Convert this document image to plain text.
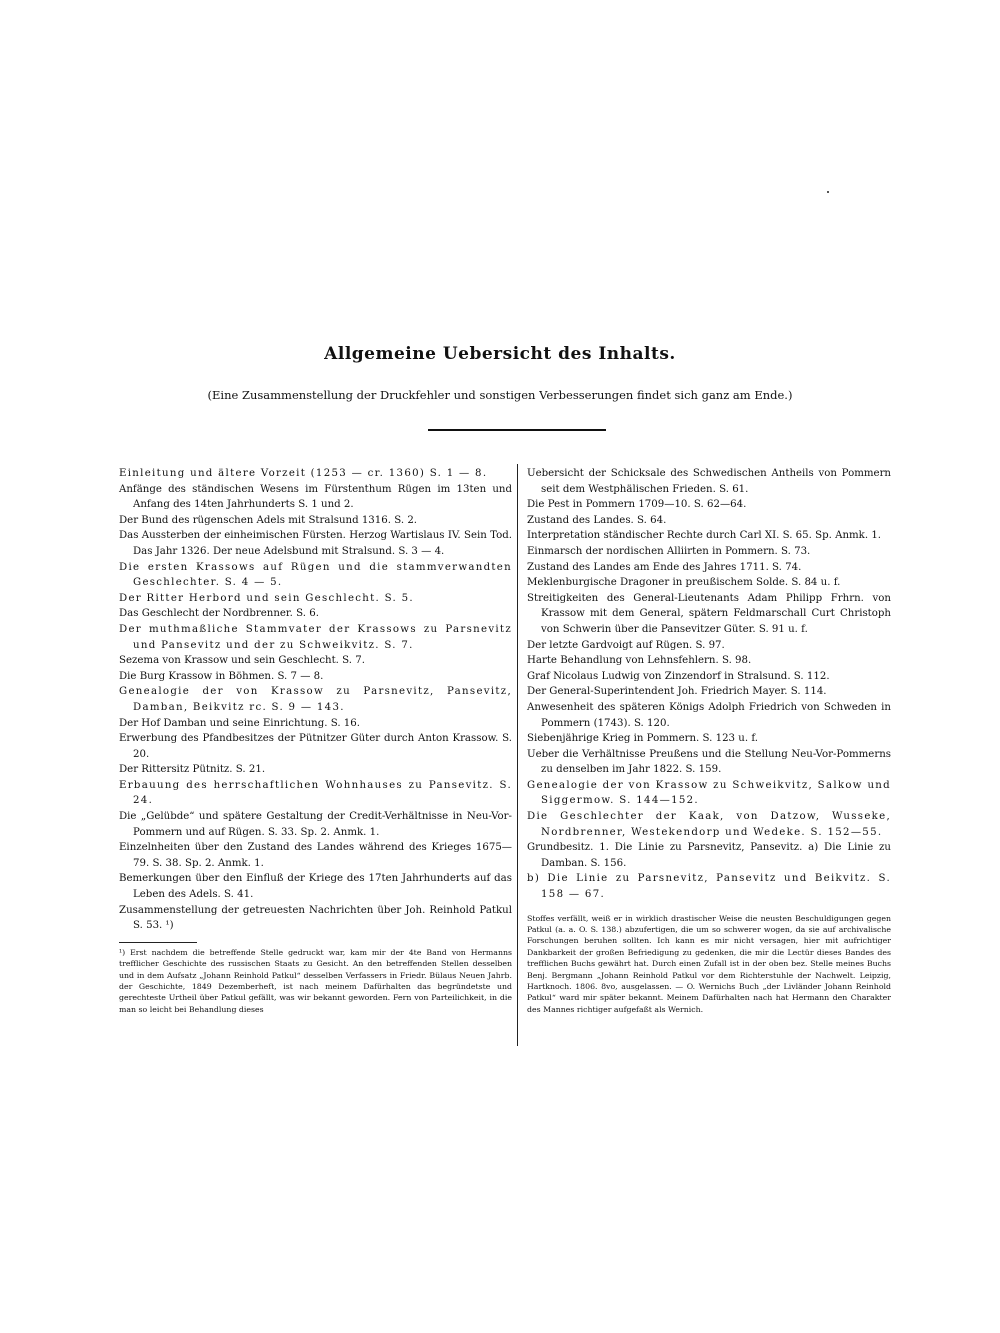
Allgemeine Uebersicht des Inhalts.
(Eine Zusammenstellung der Druckfehler und sonstigen Verbesserungen findet sich ganz am Ende.)

Einleitung und ältere Vorzeit (1253 — cr. 1360) S. 1 — 8.

Anfänge des ständischen Wesens im Fürstenthum Rügen im 13ten und Anfang des 14ten Jahrhunderts S. 1 und 2.

Der Bund des rügenschen Adels mit Stralsund 1316. S. 2.

Das Aussterben der einheimischen Fürsten. Herzog Wartislaus IV. Sein Tod. Das Jahr 1326. Der neue Adelsbund mit Stralsund. S. 3 — 4.

Die ersten Krassows auf Rügen und die stammverwandten Geschlechter. S. 4 — 5.

Der Ritter Herbord und sein Geschlecht. S. 5.

Das Geschlecht der Nordbrenner. S. 6.

Der muthmaßliche Stammvater der Krassows zu Parsnevitz und Pansevitz und der zu Schweikvitz. S. 7.

Sezema von Krassow und sein Geschlecht. S. 7.

Die Burg Krassow in Böhmen. S. 7 — 8.

Genealogie der von Krassow zu Parsnevitz, Pansevitz, Damban, Beikvitz rc. S. 9 — 143.

Der Hof Damban und seine Einrichtung. S. 16.

Erwerbung des Pfandbesitzes der Pütnitzer Güter durch Anton Krassow. S. 20.

Der Rittersitz Pütnitz. S. 21.

Erbauung des herrschaftlichen Wohnhauses zu Pansevitz. S. 24.

Die „Gelübde“ und spätere Gestaltung der Credit-Verhältnisse in Neu-Vor-Pommern und auf Rügen. S. 33. Sp. 2. Anmk. 1.

Einzelnheiten über den Zustand des Landes während des Krieges 1675—79. S. 38. Sp. 2. Anmk. 1.

Bemerkungen über den Einfluß der Kriege des 17ten Jahrhunderts auf das Leben des Adels. S. 41.

Zusammenstellung der getreuesten Nachrichten über Joh. Reinhold Patkul S. 53. ¹)

¹) Erst nachdem die betreffende Stelle gedruckt war, kam mir der 4te Band von Hermanns trefflicher Geschichte des russischen Staats zu Gesicht. An den betreffenden Stellen desselben und in dem Aufsatz „Johann Reinhold Patkul“ desselben Verfassers in Friedr. Bülaus Neuen Jahrb. der Geschichte, 1849 Dezemberheft, ist nach meinem Dafürhalten das begründetste und gerechteste Urtheil über Patkul gefällt, was wir bekannt geworden. Fern von Parteilichkeit, in die man so leicht bei Behandlung dieses

Uebersicht der Schicksale des Schwedischen Antheils von Pommern seit dem Westphälischen Frieden. S. 61.

Die Pest in Pommern 1709—10. S. 62—64.

Zustand des Landes. S. 64.

Interpretation ständischer Rechte durch Carl XI. S. 65. Sp. Anmk. 1.

Einmarsch der nordischen Alliirten in Pommern. S. 73.

Zustand des Landes am Ende des Jahres 1711. S. 74.

Meklenburgische Dragoner in preußischem Solde. S. 84 u. f.

Streitigkeiten des General-Lieutenants Adam Philipp Frhrn. von Krassow mit dem General, spätern Feldmarschall Curt Christoph von Schwerin über die Pansevitzer Güter. S. 91 u. f.

Der letzte Gardvoigt auf Rügen. S. 97.

Harte Behandlung von Lehnsfehlern. S. 98.

Graf Nicolaus Ludwig von Zinzendorf in Stralsund. S. 112.

Der General-Superintendent Joh. Friedrich Mayer. S. 114.

Anwesenheit des späteren Königs Adolph Friedrich von Schweden in Pommern (1743). S. 120.

Siebenjährige Krieg in Pommern. S. 123 u. f.

Ueber die Verhältnisse Preußens und die Stellung Neu-Vor-Pommerns zu denselben im Jahr 1822. S. 159.

Genealogie der von Krassow zu Schweikvitz, Salkow und Siggermow. S. 144—152.

Die Geschlechter der Kaak, von Datzow, Wusseke, Nordbrenner, Westekendorp und Wedeke. S. 152—55.

Grundbesitz. 1. Die Linie zu Parsnevitz, Pansevitz. a) Die Linie zu Damban. S. 156.

b) Die Linie zu Parsnevitz, Pansevitz und Beikvitz. S. 158 — 67.

Stoffes verfällt, weiß er in wirklich drastischer Weise die neusten Beschuldigungen gegen Patkul (a. a. O. S. 138.) abzufertigen, die um so schwerer wogen, da sie auf archivalische Forschungen beruhen sollten. Ich kann es mir nicht versagen, hier mit aufrichtiger Dankbarkeit der großen Befriedigung zu gedenken, die mir die Lectür dieses Bandes des trefflichen Buchs gewährt hat. Durch einen Zufall ist in der oben bez. Stelle meines Buchs Benj. Bergmann „Johann Reinhold Patkul vor dem Richterstuhle der Nachwelt. Leipzig, Hartknoch. 1806. 8vo, ausgelassen. — O. Wernichs Buch „der Livländer Johann Reinhold Patkul“ ward mir später bekannt. Meinem Dafürhalten nach hat Hermann den Charakter des Mannes richtiger aufgefaßt als Wernich.
